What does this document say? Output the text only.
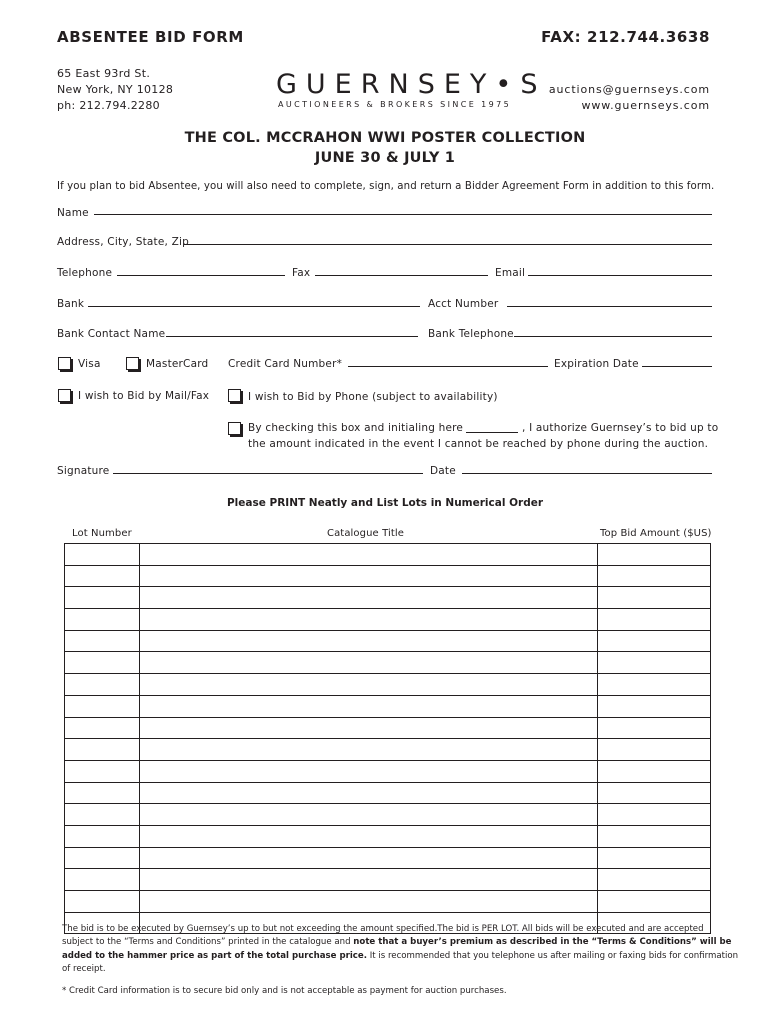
ABSENTEE BID FORM	FAX: 212.744.3638
65 East 93rd St.
New York, NY 10128
ph: 212.794.2280
GUERNSEY•S
AUCTIONEERS & BROKERS SINCE 1975
auctions@guernseys.com
www.guernseys.com
THE COL. MCCRAHON WWI POSTER COLLECTION
JUNE 30 & JULY 1
If you plan to bid Absentee, you will also need to complete, sign, and return a Bidder Agreement Form in addition to this form.
Name
Address, City, State, Zip
Telephone	Fax	Email
Bank	Acct Number
Bank Contact Name	Bank Telephone
Visa	MasterCard Credit Card Number*	Expiration Date
I wish to Bid by Mail/Fax	I wish to Bid by Phone (subject to availability)
By checking this box and initialing here	, I authorize Guernsey’s to bid up to
the amount indicated in the event I cannot be reached by phone during the auction.
Signature	Date
Please PRINT Neatly and List Lots in Numerical Order
Lot Number	Catalogue Title	Top Bid Amount ($US)

The bid is to be executed by Guernsey’s up to but not exceeding the amount specified.The bid is PER LOT. All bids will be executed and are accepted
subject to the “Terms and Conditions” printed in the catalogue and note that a buyer’s premium as described in the “Terms & Conditions” will be
added to the hammer price as part of the total purchase price. It is recommended that you telephone us after mailing or faxing bids for confirmation
of receipt.
* Credit Card information is to secure bid only and is not acceptable as payment for auction purchases.
